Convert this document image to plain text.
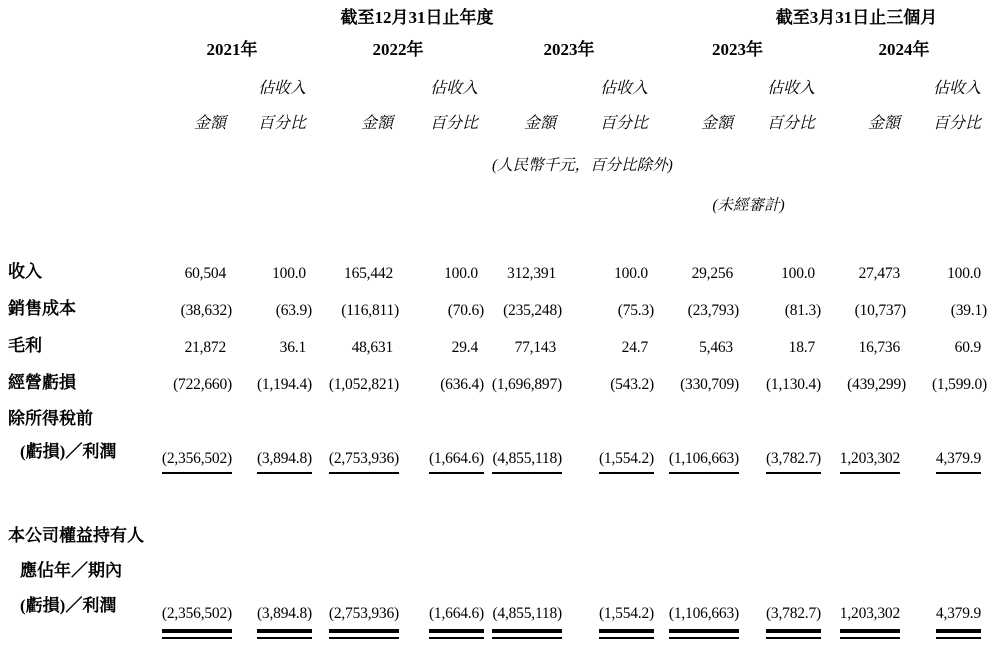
	截至12月31日止年度						截至3月31日止三個月			
	2021年		2022年		2023年		2023年		2024年	
		佔收入		佔收入		佔收入		佔收入		佔收入
	金額	百分比	金額	百分比	金額	百分比	金額	百分比	金額	百分比
					(人民幣千元，百分比除外)					
							(未經審計)			

收入	60,504	100.0	165,442	100.0	312,391	100.0	29,256	100.0	27,473	100.0

銷售成本	(38,632)	(63.9)	(116,811)	(70.6)	(235,248)	(75.3)	(23,793)	(81.3)	(10,737)	(39.1)

毛利	21,872	36.1	48,631	29.4	77,143	24.7	5,463	18.7	16,736	60.9

經營虧損	(722,660)	(1,194.4)	(1,052,821)	(636.4)	(1,696,897)	(543.2)	(330,709)	(1,130.4)	(439,299)	(1,599.0)

除所得稅前
(虧損)／利潤	(2,356,502)	(3,894.8)	(2,753,936)	(1,664.6)	(4,855,118)	(1,554.2)	(1,106,663)	(3,782.7)	1,203,302	4,379.9

本公司權益持有人
應佔年／期內
(虧損)／利潤	(2,356,502)	(3,894.8)	(2,753,936)	(1,664.6)	(4,855,118)	(1,554.2)	(1,106,663)	(3,782.7)	1,203,302	4,379.9
